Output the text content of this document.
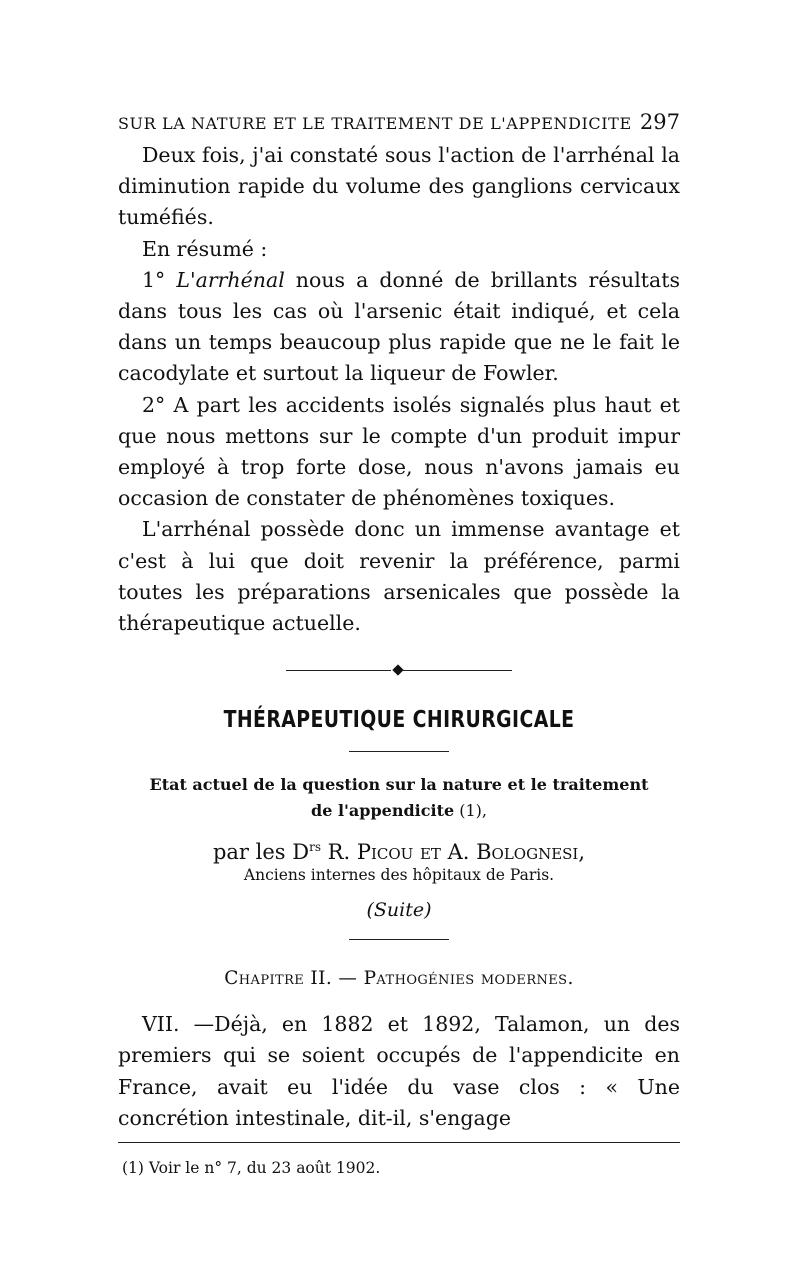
SUR LA NATURE ET LE TRAITEMENT DE L'APPENDICITE 297

Deux fois, j'ai constaté sous l'action de l'arrhénal la diminution rapide du volume des ganglions cervicaux tuméfiés.

En résumé :

1° L'arrhénal nous a donné de brillants résultats dans tous les cas où l'arsenic était indiqué, et cela dans un temps beaucoup plus rapide que ne le fait le cacodylate et surtout la liqueur de Fowler.

2° A part les accidents isolés signalés plus haut et que nous mettons sur le compte d'un produit impur employé à trop forte dose, nous n'avons jamais eu occasion de constater de phénomènes toxiques.

L'arrhénal possède donc un immense avantage et c'est à lui que doit revenir la préférence, parmi toutes les préparations arsenicales que possède la thérapeutique actuelle.

THÉRAPEUTIQUE CHIRURGICALE
Etat actuel de la question sur la nature et le traitement
de l'appendicite (1),
par les $D^{rs}$ R. Picou et A. Bolognesi,
Anciens internes des hôpitaux de Paris.
(Suite)
Chapitre II. — Pathogénies modernes.

VII. —Déjà, en 1882 et 1892, Talamon, un des premiers qui se soient occupés de l'appendicite en France, avait eu l'idée du vase clos : « Une concrétion intestinale, dit-il, s'engage

(1) Voir le n° 7, du 23 août 1902.
